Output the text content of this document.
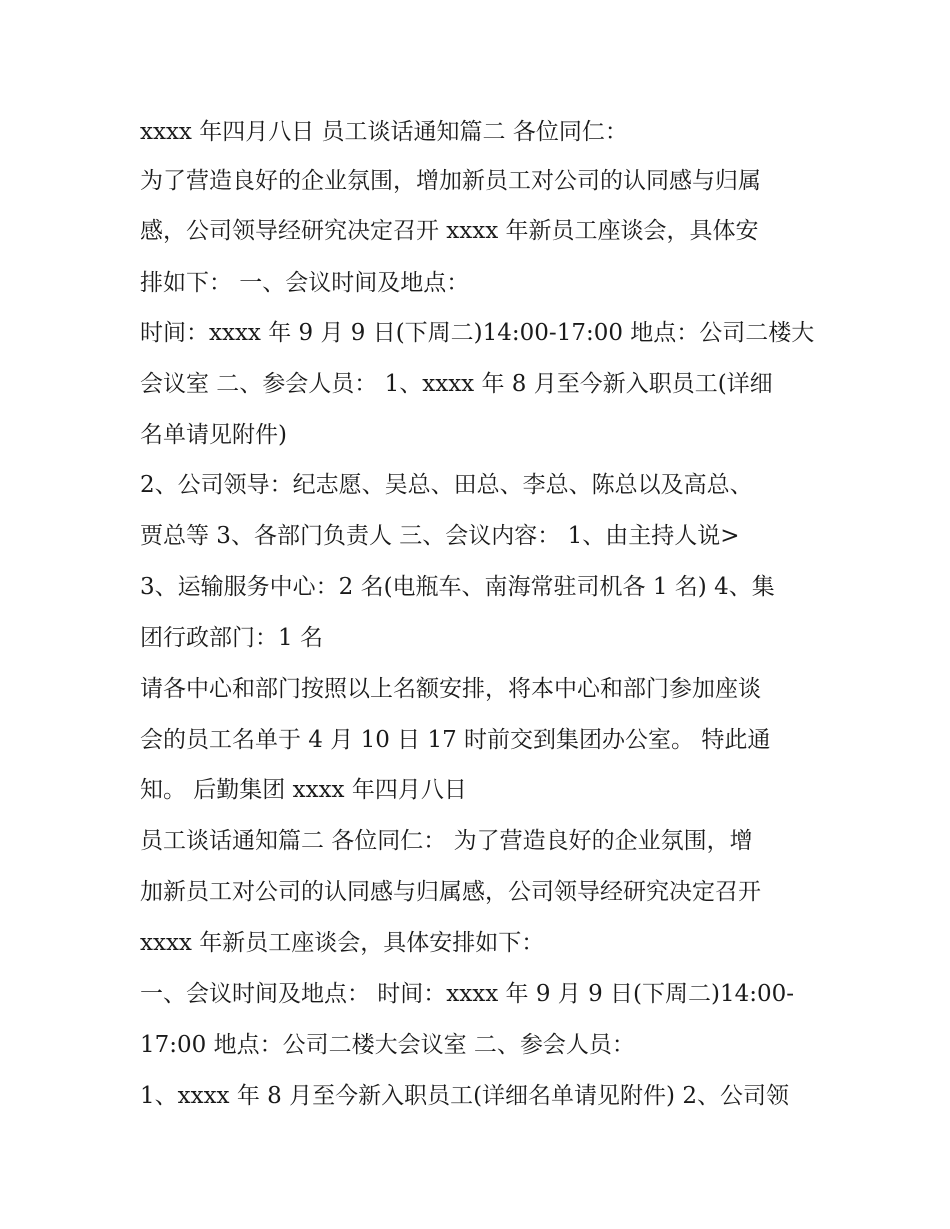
xxxx 年四月八日 员工谈话通知篇二 各位同仁：
为了营造良好的企业氛围，增加新员工对公司的认同感与归属
感，公司领导经研究决定召开 xxxx 年新员工座谈会，具体安
排如下： 一、会议时间及地点：
时间：xxxx 年 9 月 9 日(下周二)14:00-17:00 地点：公司二楼大
会议室 二、参会人员： 1、xxxx 年 8 月至今新入职员工(详细
名单请见附件)
2、公司领导：纪志愿、吴总、田总、李总、陈总以及高总、
贾总等 3、各部门负责人 三、会议内容： 1、由主持人说>
3、运输服务中心：2 名(电瓶车、南海常驻司机各 1 名) 4、集
团行政部门：1 名
请各中心和部门按照以上名额安排，将本中心和部门参加座谈
会的员工名单于 4 月 10 日 17 时前交到集团办公室。 特此通
知。 后勤集团 xxxx 年四月八日
员工谈话通知篇二 各位同仁： 为了营造良好的企业氛围，增
加新员工对公司的认同感与归属感，公司领导经研究决定召开
xxxx 年新员工座谈会，具体安排如下：
一、会议时间及地点： 时间：xxxx 年 9 月 9 日(下周二)14:00-
17:00 地点：公司二楼大会议室 二、参会人员：
1、xxxx 年 8 月至今新入职员工(详细名单请见附件) 2、公司领
